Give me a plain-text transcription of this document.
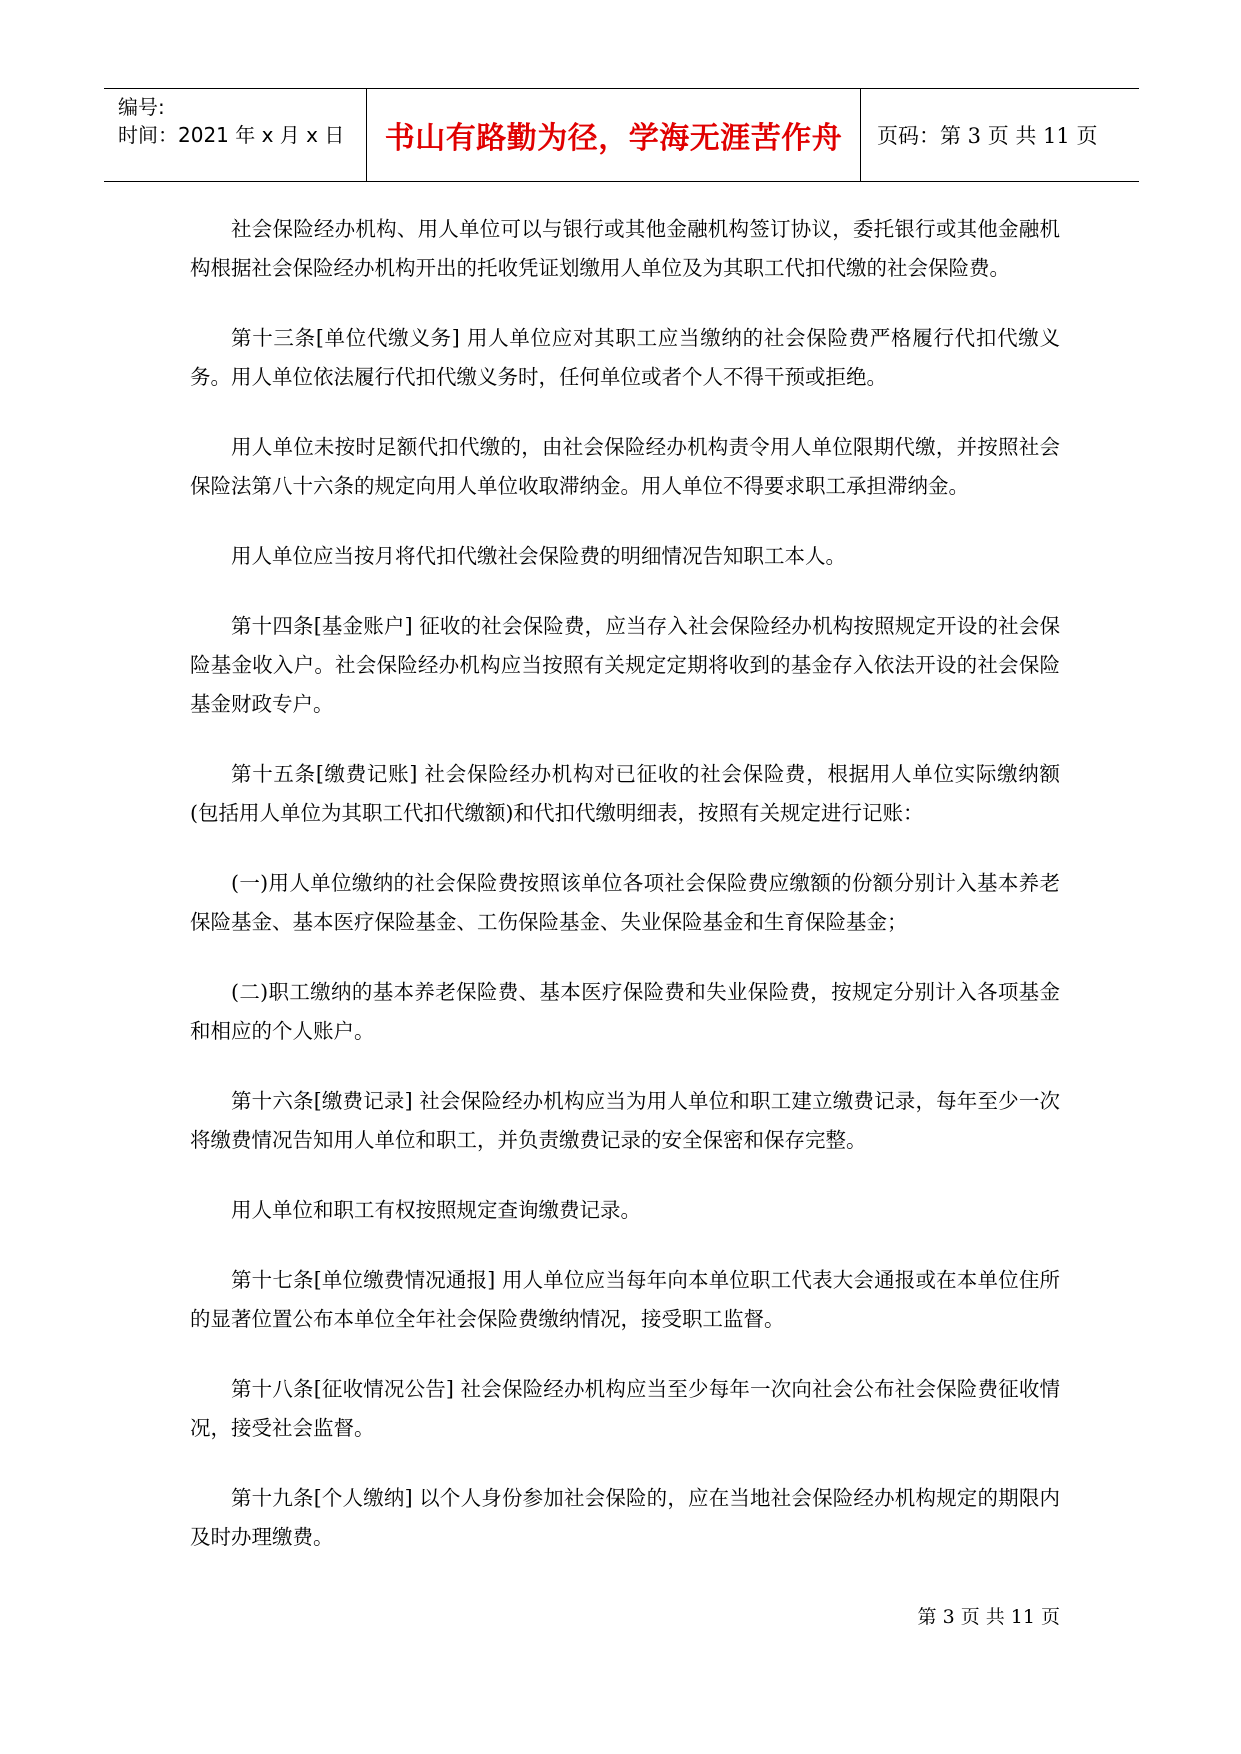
编号:
时间：2021 年 x 月 x 日	书山有路勤为径，学海无涯苦作舟	页码：第 3 页 共 11 页

社会保险经办机构、用人单位可以与银行或其他金融机构签订协议，委托银行或其他金融机构根据社会保险经办机构开出的托收凭证划缴用人单位及为其职工代扣代缴的社会保险费。

第十三条[单位代缴义务] 用人单位应对其职工应当缴纳的社会保险费严格履行代扣代缴义务。用人单位依法履行代扣代缴义务时，任何单位或者个人不得干预或拒绝。

用人单位未按时足额代扣代缴的，由社会保险经办机构责令用人单位限期代缴，并按照社会保险法第八十六条的规定向用人单位收取滞纳金。用人单位不得要求职工承担滞纳金。

用人单位应当按月将代扣代缴社会保险费的明细情况告知职工本人。

第十四条[基金账户] 征收的社会保险费，应当存入社会保险经办机构按照规定开设的社会保险基金收入户。社会保险经办机构应当按照有关规定定期将收到的基金存入依法开设的社会保险基金财政专户。

第十五条[缴费记账] 社会保险经办机构对已征收的社会保险费，根据用人单位实际缴纳额(包括用人单位为其职工代扣代缴额)和代扣代缴明细表，按照有关规定进行记账：

(一)用人单位缴纳的社会保险费按照该单位各项社会保险费应缴额的份额分别计入基本养老保险基金、基本医疗保险基金、工伤保险基金、失业保险基金和生育保险基金；

(二)职工缴纳的基本养老保险费、基本医疗保险费和失业保险费，按规定分别计入各项基金和相应的个人账户。

第十六条[缴费记录] 社会保险经办机构应当为用人单位和职工建立缴费记录，每年至少一次将缴费情况告知用人单位和职工，并负责缴费记录的安全保密和保存完整。

用人单位和职工有权按照规定查询缴费记录。

第十七条[单位缴费情况通报] 用人单位应当每年向本单位职工代表大会通报或在本单位住所的显著位置公布本单位全年社会保险费缴纳情况，接受职工监督。

第十八条[征收情况公告] 社会保险经办机构应当至少每年一次向社会公布社会保险费征收情况，接受社会监督。

第十九条[个人缴纳] 以个人身份参加社会保险的，应在当地社会保险经办机构规定的期限内及时办理缴费。

第 3 页 共 11 页
